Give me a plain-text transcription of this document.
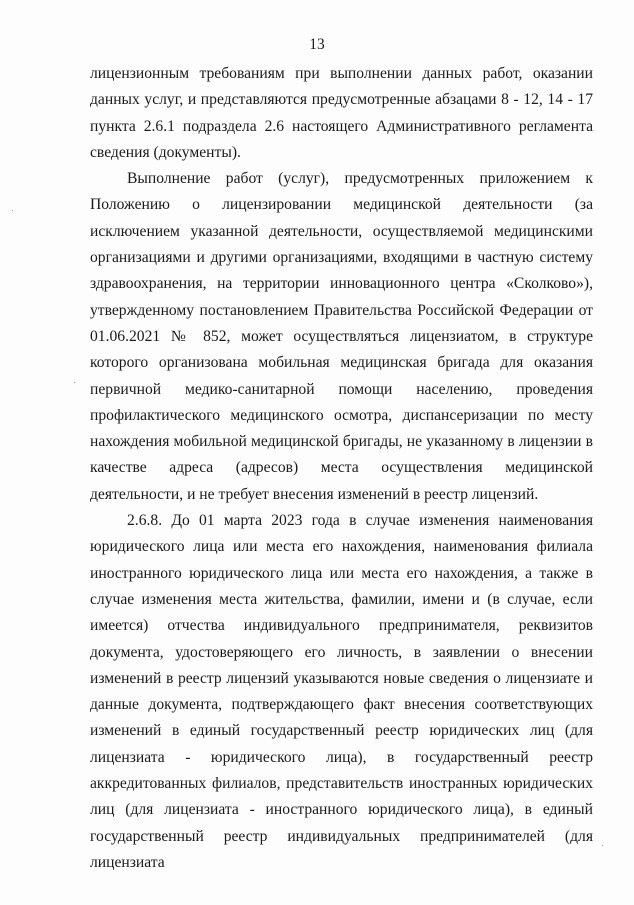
13

лицензионным требованиям при выполнении данных работ, оказании данных услуг, и представляются предусмотренные абзацами 8 - 12, 14 - 17 пункта 2.6.1 подраздела 2.6 настоящего Административного регламента сведения (документы).

Выполнение работ (услуг), предусмотренных приложением к Положению о лицензировании медицинской деятельности (за исключением указанной деятельности, осуществляемой медицинскими организациями и другими организациями, входящими в частную систему здравоохранения, на территории инновационного центра «Сколково»), утвержденному постановлением Правительства Российской Федерации от 01.06.2021 № 852, может осуществляться лицензиатом, в структуре которого организована мобильная медицинская бригада для оказания первичной медико-санитарной помощи населению, проведения профилактического медицинского осмотра, диспансеризации по месту нахождения мобильной медицинской бригады, не указанному в лицензии в качестве адреса (адресов) места осуществления медицинской деятельности, и не требует внесения изменений в реестр лицензий.

2.6.8. До 01 марта 2023 года в случае изменения наименования юридического лица или места его нахождения, наименования филиала иностранного юридического лица или места его нахождения, а также в случае изменения места жительства, фамилии, имени и (в случае, если имеется) отчества индивидуального предпринимателя, реквизитов документа, удостоверяющего его личность, в заявлении о внесении изменений в реестр лицензий указываются новые сведения о лицензиате и данные документа, подтверждающего факт внесения соответствующих изменений в единый государственный реестр юридических лиц (для лицензиата - юридического лица), в государственный реестр аккредитованных филиалов, представительств иностранных юридических лиц (для лицензиата - иностранного юридического лица), в единый государственный реестр индивидуальных предпринимателей (для лицензиата
